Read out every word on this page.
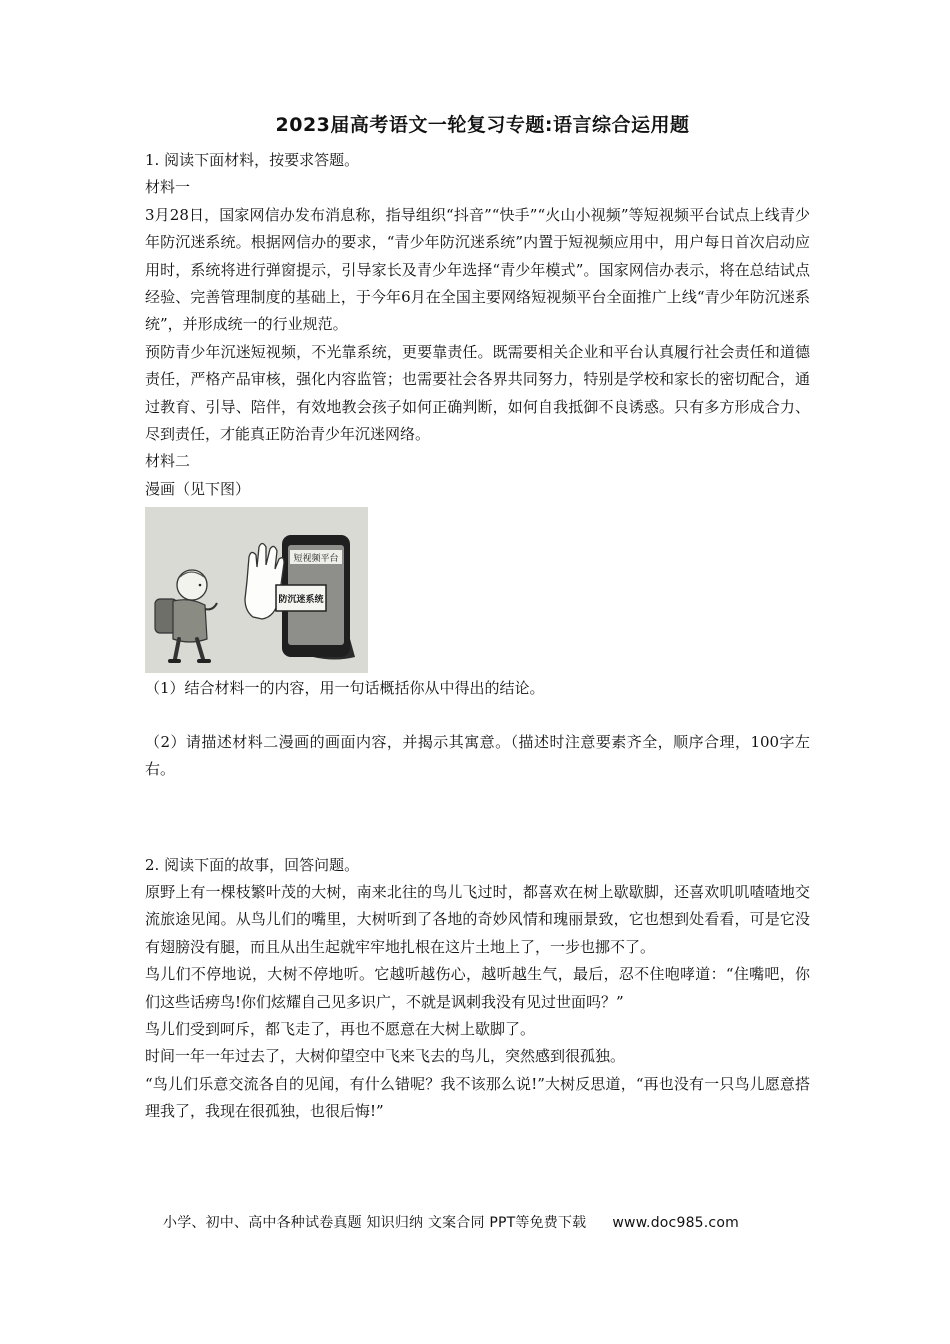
2023届高考语文一轮复习专题:语言综合运用题

1. 阅读下面材料，按要求答题。

材料一

3月28日，国家网信办发布消息称，指导组织“抖音”“快手”“火山小视频”等短视频平台试点上线青少年防沉迷系统。根据网信办的要求，“青少年防沉迷系统”内置于短视频应用中，用户每日首次启动应用时，系统将进行弹窗提示，引导家长及青少年选择“青少年模式”。国家网信办表示，将在总结试点经验、完善管理制度的基础上，于今年6月在全国主要网络短视频平台全面推广上线“青少年防沉迷系统”，并形成统一的行业规范。

预防青少年沉迷短视频，不光靠系统，更要靠责任。既需要相关企业和平台认真履行社会责任和道德责任，严格产品审核，强化内容监管；也需要社会各界共同努力，特别是学校和家长的密切配合，通过教育、引导、陪伴，有效地教会孩子如何正确判断，如何自我抵御不良诱惑。只有多方形成合力、尽到责任，才能真正防治青少年沉迷网络。

材料二

漫画（见下图）

短视频平台
防沉迷系统

（1）结合材料一的内容，用一句话概括你从中得出的结论。

（2）请描述材料二漫画的画面内容，并揭示其寓意。（描述时注意要素齐全，顺序合理，100字左右。

2. 阅读下面的故事，回答问题。

原野上有一棵枝繁叶茂的大树，南来北往的鸟儿飞过时，都喜欢在树上歇歇脚，还喜欢叽叽喳喳地交流旅途见闻。从鸟儿们的嘴里，大树听到了各地的奇妙风情和瑰丽景致，它也想到处看看，可是它没有翅膀没有腿，而且从出生起就牢牢地扎根在这片土地上了，一步也挪不了。

鸟儿们不停地说，大树不停地听。它越听越伤心，越听越生气，最后，忍不住咆哮道：“住嘴吧，你们这些话痨鸟!你们炫耀自己见多识广，不就是讽刺我没有见过世面吗？”

鸟儿们受到呵斥，都飞走了，再也不愿意在大树上歇脚了。

时间一年一年过去了，大树仰望空中飞来飞去的鸟儿，突然感到很孤独。

“鸟儿们乐意交流各自的见闻，有什么错呢？我不该那么说!”大树反思道，“再也没有一只鸟儿愿意搭理我了，我现在很孤独，也很后悔!”

小学、初中、高中各种试卷真题 知识归纳 文案合同 PPT等免费下载 www.doc985.com
